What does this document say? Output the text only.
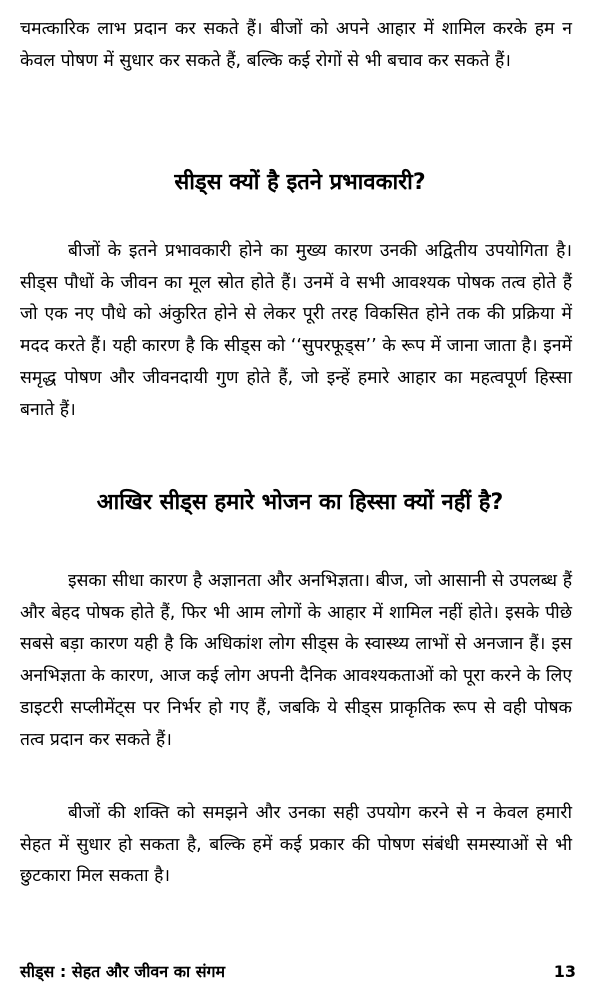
चमत्कारिक लाभ प्रदान कर सकते हैं। बीजों को अपने आहार में शामिल करके हम न केवल पोषण में सुधार कर सकते हैं, बल्कि कई रोगों से भी बचाव कर सकते हैं।

सीड्स क्यों है इतने प्रभावकारी?

बीजों के इतने प्रभावकारी होने का मुख्य कारण उनकी अद्वितीय उपयोगिता है। सीड्स पौधों के जीवन का मूल स्रोत होते हैं। उनमें वे सभी आवश्यक पोषक तत्व होते हैं जो एक नए पौधे को अंकुरित होने से लेकर पूरी तरह विकसित होने तक की प्रक्रिया में मदद करते हैं। यही कारण है कि सीड्स को ‘‘सुपरफूड्स’’ के रूप में जाना जाता है। इनमें समृद्ध पोषण और जीवनदायी गुण होते हैं, जो इन्हें हमारे आहार का महत्वपूर्ण हिस्सा बनाते हैं।

आखिर सीड्स हमारे भोजन का हिस्सा क्यों नहीं है?

इसका सीधा कारण है अज्ञानता और अनभिज्ञता। बीज, जो आसानी से उपलब्ध हैं और बेहद पोषक होते हैं, फिर भी आम लोगों के आहार में शामिल नहीं होते। इसके पीछे सबसे बड़ा कारण यही है कि अधिकांश लोग सीड्स के स्वास्थ्य लाभों से अनजान हैं। इस अनभिज्ञता के कारण, आज कई लोग अपनी दैनिक आवश्यकताओं को पूरा करने के लिए डाइटरी सप्लीमेंट्स पर निर्भर हो गए हैं, जबकि ये सीड्स प्राकृतिक रूप से वही पोषक तत्व प्रदान कर सकते हैं।

बीजों की शक्ति को समझने और उनका सही उपयोग करने से न केवल हमारी सेहत में सुधार हो सकता है, बल्कि हमें कई प्रकार की पोषण संबंधी समस्याओं से भी छुटकारा मिल सकता है।

सीड्स : सेहत और जीवन का संगम	13
